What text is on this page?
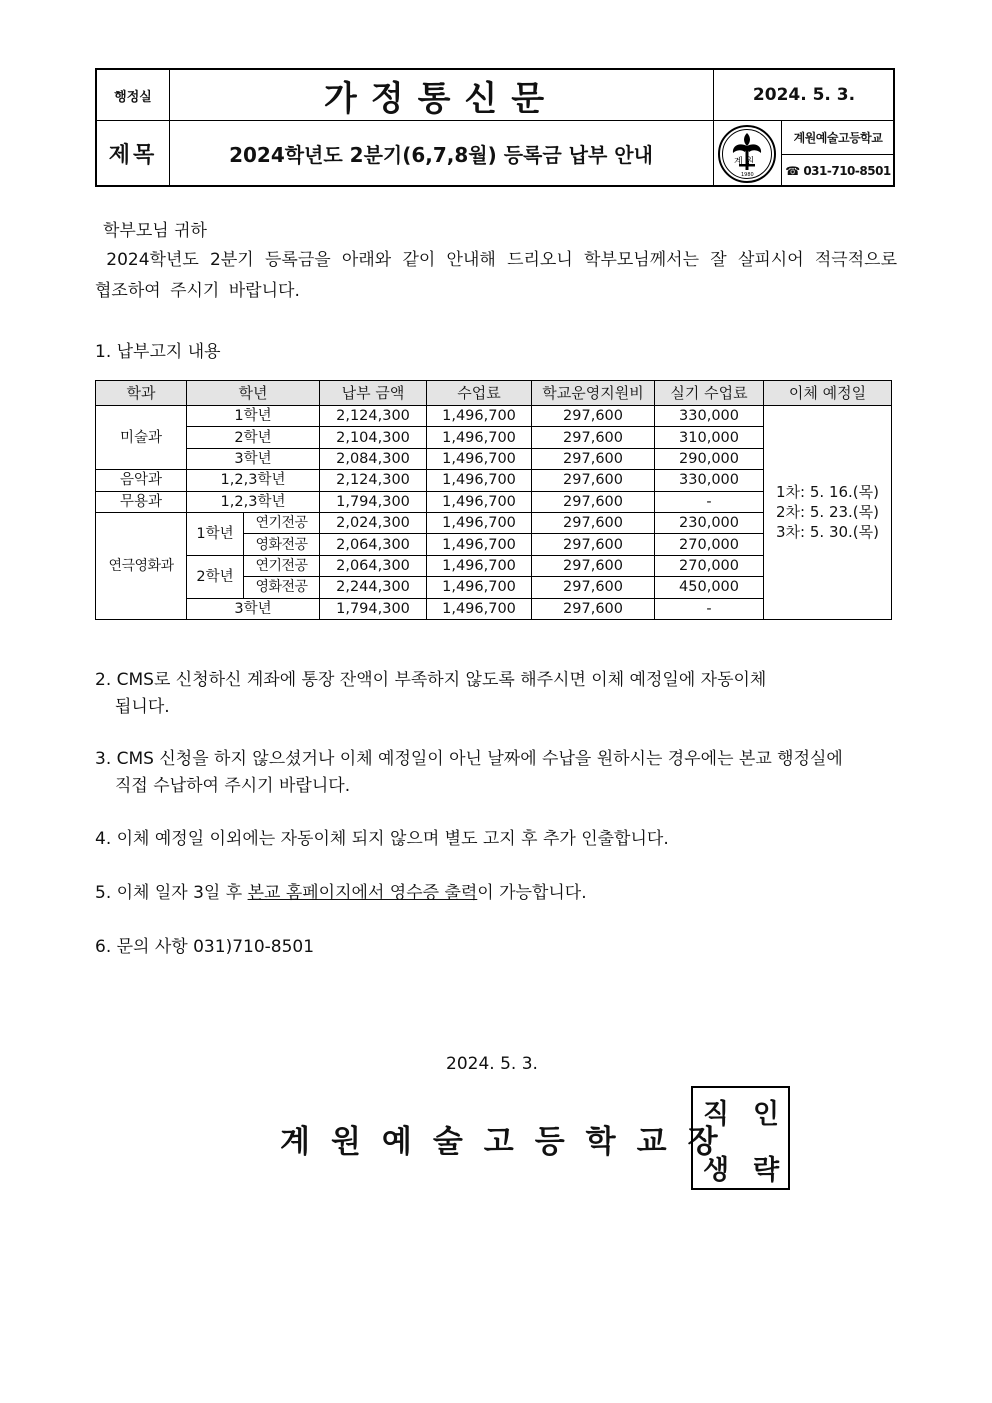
행정실	가정통신문	2024. 5. 3.
제목	2024학년도 2분기(6,7,8월) 등록금 납부 안내	계 원
1980
계원예술고등학교
☎ 031-710-8501
학부모님 귀하
2024학년도 2분기 등록금을 아래와 같이 안내해 드리오니 학부모님께서는 잘 살피시어 적극적으로 협조하여 주시기 바랍니다.
1. 납부고지 내용
학과	학년		납부 금액	수업료	학교운영지원비	실기 수업료	이체 예정일
미술과	1학년		2,124,300	1,496,700	297,600	330,000	1차: 5. 16.(목)
2차: 5. 23.(목)
3차: 5. 30.(목)

	2학년		2,104,300	1,496,700	297,600	310,000	
	3학년		2,084,300	1,496,700	297,600	290,000	
음악과	1,2,3학년		2,124,300	1,496,700	297,600	330,000	
무용과	1,2,3학년		1,794,300	1,496,700	297,600	-	
연극영화과	1학년	연기전공	2,024,300	1,496,700	297,600	230,000	
		영화전공	2,064,300	1,496,700	297,600	270,000	
	2학년	연기전공	2,064,300	1,496,700	297,600	270,000	
		영화전공	2,244,300	1,496,700	297,600	450,000	
	3학년		1,794,300	1,496,700	297,600	-	
2. CMS로 신청하신 계좌에 통장 잔액이 부족하지 않도록 해주시면 이체 예정일에 자동이체
됩니다.
3. CMS 신청을 하지 않으셨거나 이체 예정일이 아닌 날짜에 수납을 원하시는 경우에는 본교 행정실에
직접 수납하여 주시기 바랍니다.
4. 이체 예정일 이외에는 자동이체 되지 않으며 별도 고지 후 추가 인출합니다.
5. 이체 일자 3일 후 본교 홈페이지에서 영수증 출력이 가능합니다.
6. 문의 사항 031)710-8501
2024. 5. 3.
계원예술고등학교장
직 인
생 략
